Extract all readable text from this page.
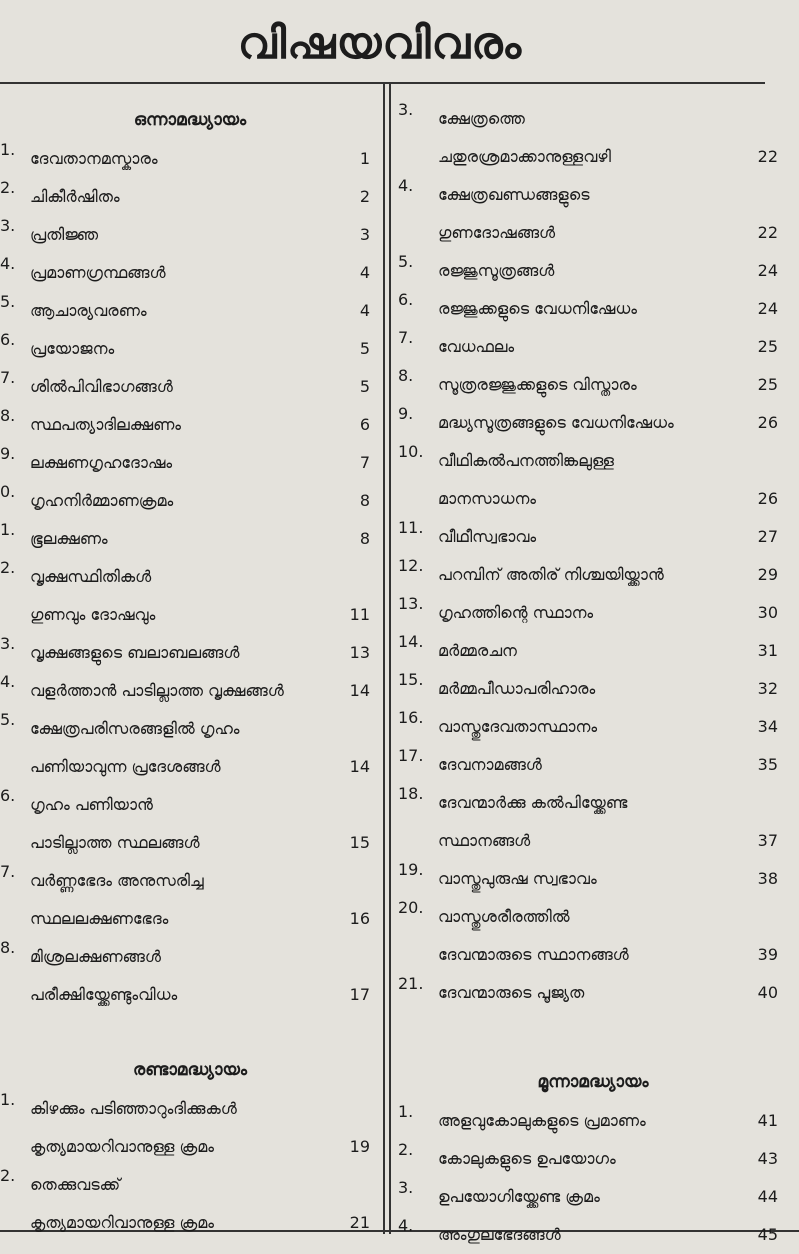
വിഷയവിവരം
ഒന്നാമദ്ധ്യായം
1. ദേവതാനമസ്കാരം	1
2. ചികീർഷിതം	2
3. പ്രതിജ്ഞ	3
4. പ്രമാണഗ്രന്ഥങ്ങൾ	4
5. ആചാര്യവരണം	4
6. പ്രയോജനം	5
7. ശിൽപിവിഭാഗങ്ങൾ	5
8. സ്ഥപത്യാദിലക്ഷണം	6
9. ലക്ഷണഗൃഹദോഷം	7
0. ഗൃഹനിർമ്മാണക്രമം	8
1. ഭൂലക്ഷണം	8
2. വൃക്ഷസ്ഥിതികൾ
ഗുണവും ദോഷവും	11
3. വൃക്ഷങ്ങളുടെ ബലാബലങ്ങൾ	13
4. വളർത്താൻ പാടില്ലാത്ത വൃക്ഷങ്ങൾ	14
5. ക്ഷേത്രപരിസരങ്ങളിൽ ഗൃഹം
പണിയാവുന്ന പ്രദേശങ്ങൾ	14
6. ഗൃഹം പണിയാൻ
പാടില്ലാത്ത സ്ഥലങ്ങൾ	15
7. വർണ്ണഭേദം അനുസരിച്ച
സ്ഥലലക്ഷണഭേദം	16
8. മിശ്രലക്ഷണങ്ങൾ
പരീക്ഷിയ്ക്കേണ്ടുംവിധം	17
രണ്ടാമദ്ധ്യായം
1. കിഴക്കും പടിഞ്ഞാറുംദിക്കുകൾ
കൃത്യമായറിവാനുള്ള ക്രമം	19
2. തെക്കുവടക്ക്
കൃത്യമായറിവാനുള്ള ക്രമം	21
3. ക്ഷേത്രത്തെ
ചതുരശ്രമാക്കാനുള്ളവഴി	22
4. ക്ഷേത്രഖണ്ഡങ്ങളുടെ
ഗുണദോഷങ്ങൾ	22
5. രജ്ജുസൂത്രങ്ങൾ	24
6. രജ്ജുക്കളുടെ വേധനിഷേധം	24
7. വേധഫലം	25
8. സൂത്രരജ്ജുക്കളുടെ വിസ്താരം	25
9. മദ്ധ്യസൂത്രങ്ങളുടെ വേധനിഷേധം	26
10. വീഥികൽപനത്തിങ്കലുള്ള
മാനസാധനം	26
11. വീഥീസ്വഭാവം	27
12. പറമ്പിന് അതിര് നിശ്ചയിയ്ക്കാൻ	29
13. ഗൃഹത്തിന്റെ സ്ഥാനം	30
14. മർമ്മരചന	31
15. മർമ്മപീഡാപരിഹാരം	32
16. വാസ്തുദേവതാസ്ഥാനം	34
17. ദേവനാമങ്ങൾ	35
18. ദേവന്മാർക്കു കൽപിയ്ക്കേണ്ട
സ്ഥാനങ്ങൾ	37
19. വാസ്തുപുരുഷ സ്വഭാവം	38
20. വാസ്തുശരീരത്തിൽ
ദേവന്മാരുടെ സ്ഥാനങ്ങൾ	39
21. ദേവന്മാരുടെ പൂജ്യത	40
മൂന്നാമദ്ധ്യായം
1. അളവുകോലുകളുടെ പ്രമാണം	41
2. കോലുകളുടെ ഉപയോഗം	43
3. ഉപയോഗിയ്ക്കേണ്ട ക്രമം	44
4. അംഗുലഭേദങ്ങൾ	45
